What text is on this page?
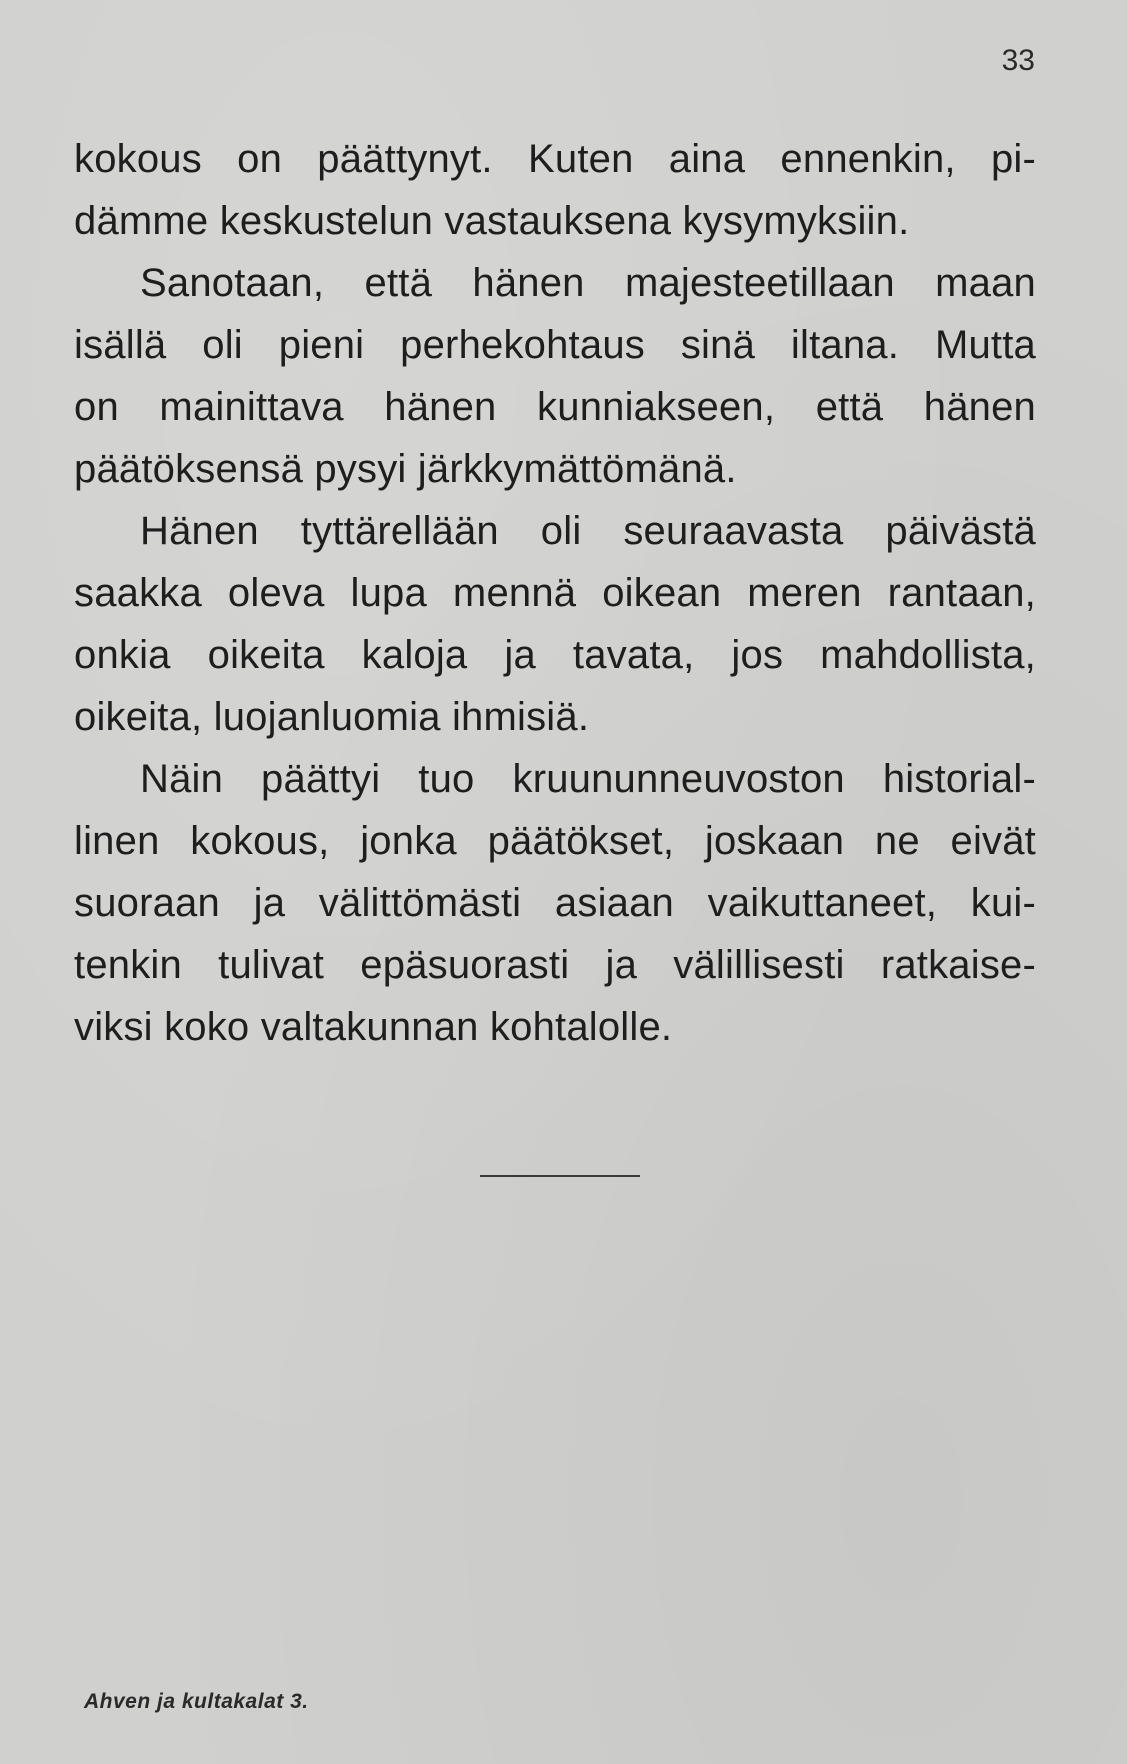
33
kokous on päättynyt. Kuten aina ennenkin, pi-
dämme keskustelun vastauksena kysymyksiin.
Sanotaan, että hänen majesteetillaan maan
isällä oli pieni perhekohtaus sinä iltana. Mutta
on mainittava hänen kunniakseen, että hänen
päätöksensä pysyi järkkymättömänä.
Hänen tyttärellään oli seuraavasta päivästä
saakka oleva lupa mennä oikean meren rantaan,
onkia oikeita kaloja ja tavata, jos mahdollista,
oikeita, luojanluomia ihmisiä.
Näin päättyi tuo kruununneuvoston historial-
linen kokous, jonka päätökset, joskaan ne eivät
suoraan ja välittömästi asiaan vaikuttaneet, kui-
tenkin tulivat epäsuorasti ja välillisesti ratkaise-
viksi koko valtakunnan kohtalolle.
Ahven ja kultakalat 3.
